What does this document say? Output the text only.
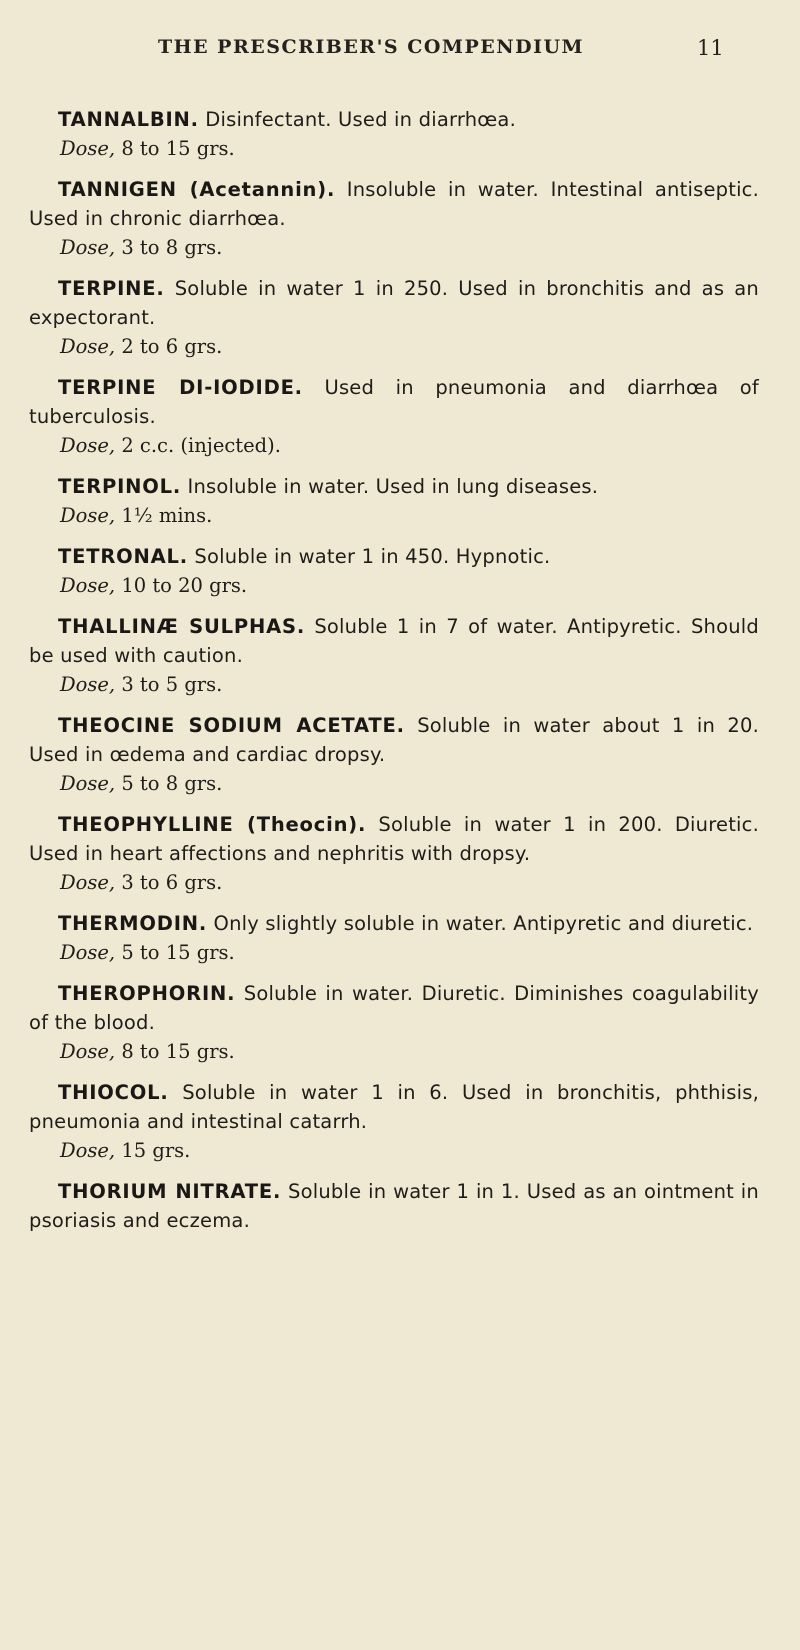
THE PRESCRIBER'S COMPENDIUM	11

TANNALBIN. Disinfectant. Used in diarrhœa.

Dose, 8 to 15 grs.

TANNIGEN (Acetannin). Insoluble in water. Intestinal antiseptic. Used in chronic diarrhœa.

Dose, 3 to 8 grs.

TERPINE. Soluble in water 1 in 250. Used in bronchitis and as an expectorant.

Dose, 2 to 6 grs.

TERPINE DI-IODIDE. Used in pneumonia and diarrhœa of tuberculosis.

Dose, 2 c.c. (injected).

TERPINOL. Insoluble in water. Used in lung diseases.

Dose, 1½ mins.

TETRONAL. Soluble in water 1 in 450. Hypnotic.

Dose, 10 to 20 grs.

THALLINÆ SULPHAS. Soluble 1 in 7 of water. Antipyretic. Should be used with caution.

Dose, 3 to 5 grs.

THEOCINE SODIUM ACETATE. Soluble in water about 1 in 20. Used in œdema and cardiac dropsy.

Dose, 5 to 8 grs.

THEOPHYLLINE (Theocin). Soluble in water 1 in 200. Diuretic. Used in heart affections and nephritis with dropsy.

Dose, 3 to 6 grs.

THERMODIN. Only slightly soluble in water. Antipyretic and diuretic.

Dose, 5 to 15 grs.

THEROPHORIN. Soluble in water. Diuretic. Diminishes coagulability of the blood.

Dose, 8 to 15 grs.

THIOCOL. Soluble in water 1 in 6. Used in bronchitis, phthisis, pneumonia and intestinal catarrh.

Dose, 15 grs.

THORIUM NITRATE. Soluble in water 1 in 1. Used as an ointment in psoriasis and eczema.
